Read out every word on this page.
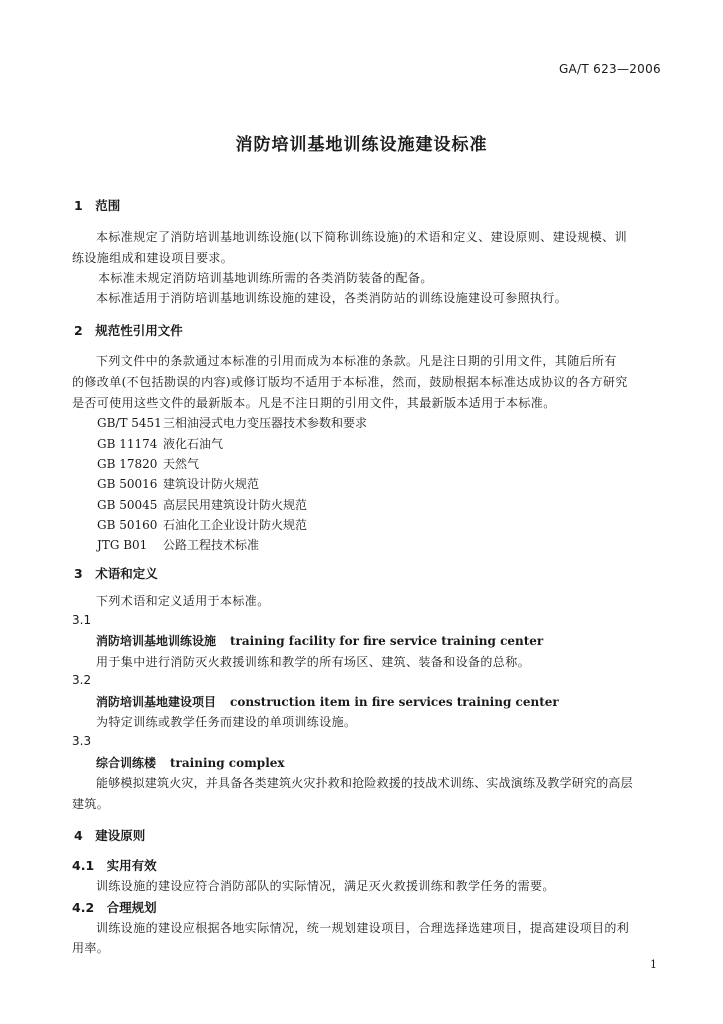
GA/T 623—2006
消防培训基地训练设施建设标准
1　范围
本标准规定了消防培训基地训练设施(以下简称训练设施)的术语和定义、建设原则、建设规模、训
练设施组成和建设项目要求。
本标准未规定消防培训基地训练所需的各类消防装备的配备。
本标准适用于消防培训基地训练设施的建设，各类消防站的训练设施建设可参照执行。
2　规范性引用文件
下列文件中的条款通过本标准的引用而成为本标准的条款。凡是注日期的引用文件，其随后所有
的修改单(不包括勘误的内容)或修订版均不适用于本标准，然而，鼓励根据本标准达成协议的各方研究
是否可使用这些文件的最新版本。凡是不注日期的引用文件，其最新版本适用于本标准。
GB/T 5451三相油浸式电力变压器技术参数和要求
GB 11174 液化石油气
GB 17820 天然气
GB 50016 建筑设计防火规范
GB 50045 高层民用建筑设计防火规范
GB 50160 石油化工企业设计防火规范
JTG B01 公路工程技术标准
3　术语和定义
下列术语和定义适用于本标准。
3.1
消防培训基地训练设施 training facility for fire service training center
用于集中进行消防灭火救援训练和教学的所有场区、建筑、装备和设备的总称。
3.2
消防培训基地建设项目 construction item in fire services training center
为特定训练或教学任务而建设的单项训练设施。
3.3
综合训练楼 training complex
能够模拟建筑火灾，并具备各类建筑火灾扑救和抢险救援的技战术训练、实战演练及教学研究的高层
建筑。
4　建设原则
4.1　实用有效
训练设施的建设应符合消防部队的实际情况，满足灭火救援训练和教学任务的需要。
4.2　合理规划
训练设施的建设应根据各地实际情况，统一规划建设项目，合理选择选建项目，提高建设项目的利
用率。
1
